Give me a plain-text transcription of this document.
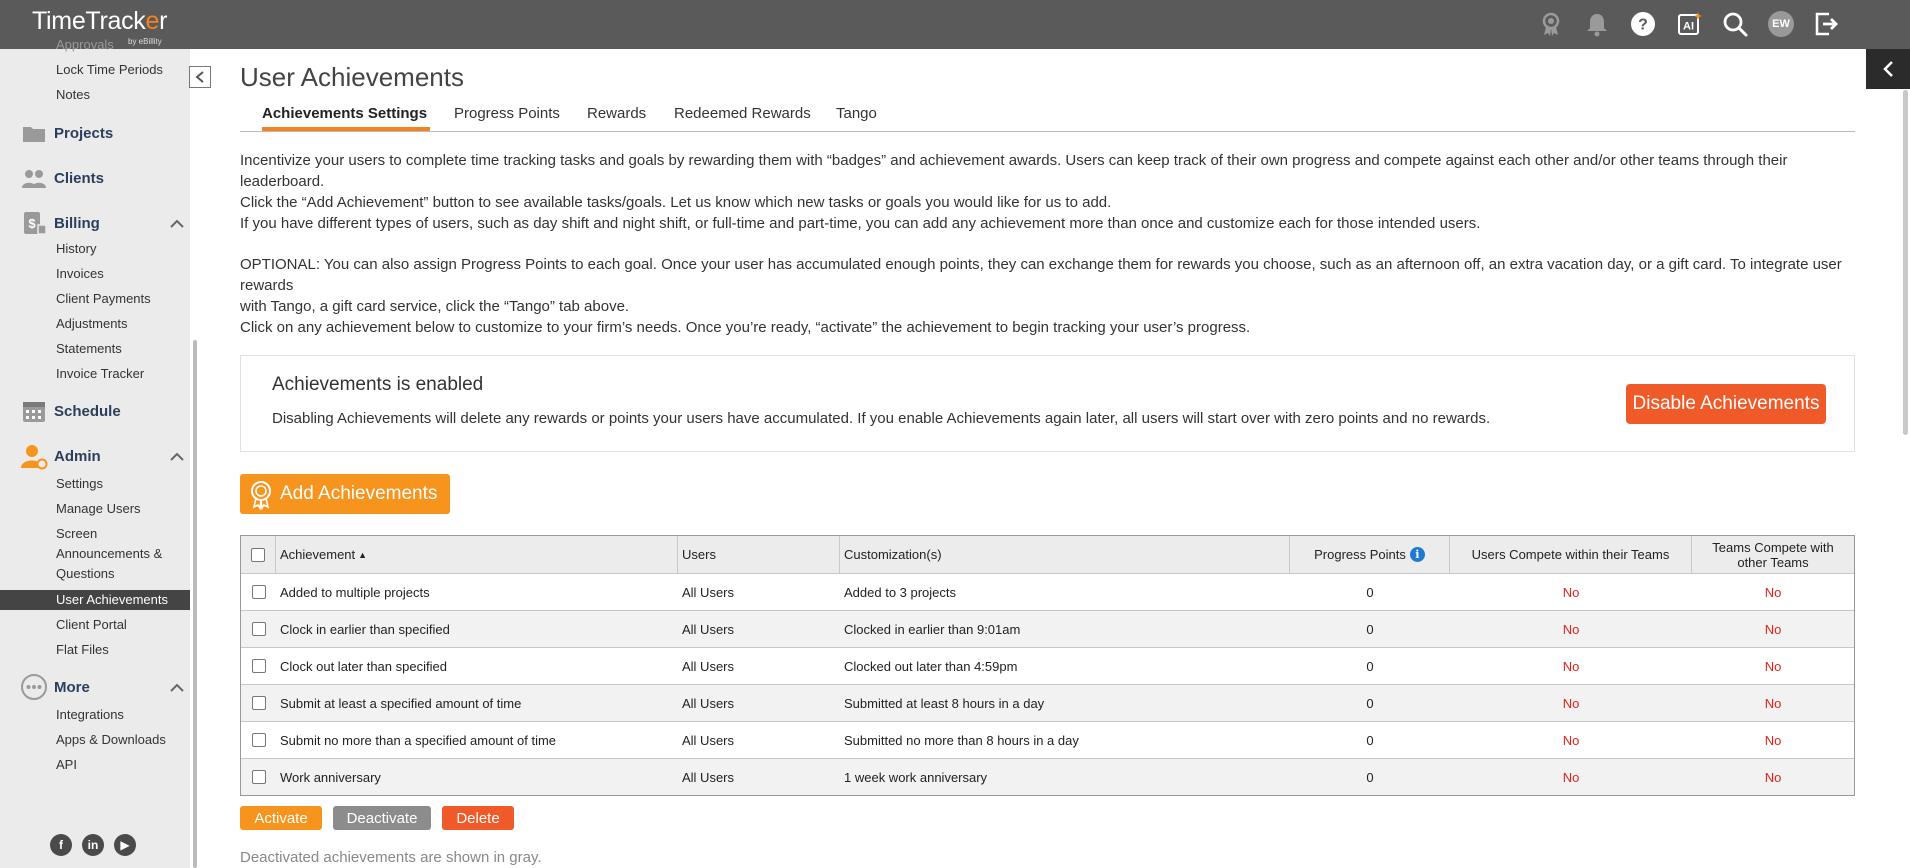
TimeTracker
by eBillity
?	AI	EW
Approvals
Lock Time Periods
Notes
Projects
Clients
$ Billing
History
Invoices
Client Payments
Adjustments
Statements
Invoice Tracker
Schedule
Admin
Settings
Manage Users
Screen
Announcements &
Questions
User Achievements
Client Portal
Flat Files
More
Integrations
Apps & Downloads
API
f	in	▶
User Achievements
Achievements Settings Progress Points Rewards Redeemed Rewards Tango
Incentivize your users to complete time tracking tasks and goals by rewarding them with “badges” and achievement awards. Users can keep track of their own progress and compete against each other and/or other teams through their leaderboard.
Click the “Add Achievement” button to see available tasks/goals. Let us know which new tasks or goals you would like for us to add.
If you have different types of users, such as day shift and night shift, or full-time and part-time, you can add any achievement more than once and customize each for those intended users.
OPTIONAL: You can also assign Progress Points to each goal. Once your user has accumulated enough points, they can exchange them for rewards you choose, such as an afternoon off, an extra vacation day, or a gift card. To integrate user rewards
with Tango, a gift card service, click the “Tango” tab above.
Click on any achievement below to customize to your firm’s needs. Once you’re ready, “activate” the achievement to begin tracking your user’s progress.
Achievements is enabled
Disabling Achievements will delete any rewards or points your users have accumulated. If you enable Achievements again later, all users will start over with zero points and no rewards.
Disable Achievements
Add Achievements
Achievement ▲	Users	Customization(s)	Progress Points i	Users Compete within their Teams	Teams Compete with
other Teams
Added to multiple projects	All Users	Added to 3 projects	0	No	No
Clock in earlier than specified	All Users	Clocked in earlier than 9:01am	0	No	No
Clock out later than specified	All Users	Clocked out later than 4:59pm	0	No	No
Submit at least a specified amount of time	All Users	Submitted at least 8 hours in a day	0	No	No
Submit no more than a specified amount of time	All Users	Submitted no more than 8 hours in a day	0	No	No
Work anniversary	All Users	1 week work anniversary	0	No	No
Activate	Deactivate	Delete
Deactivated achievements are shown in gray.
